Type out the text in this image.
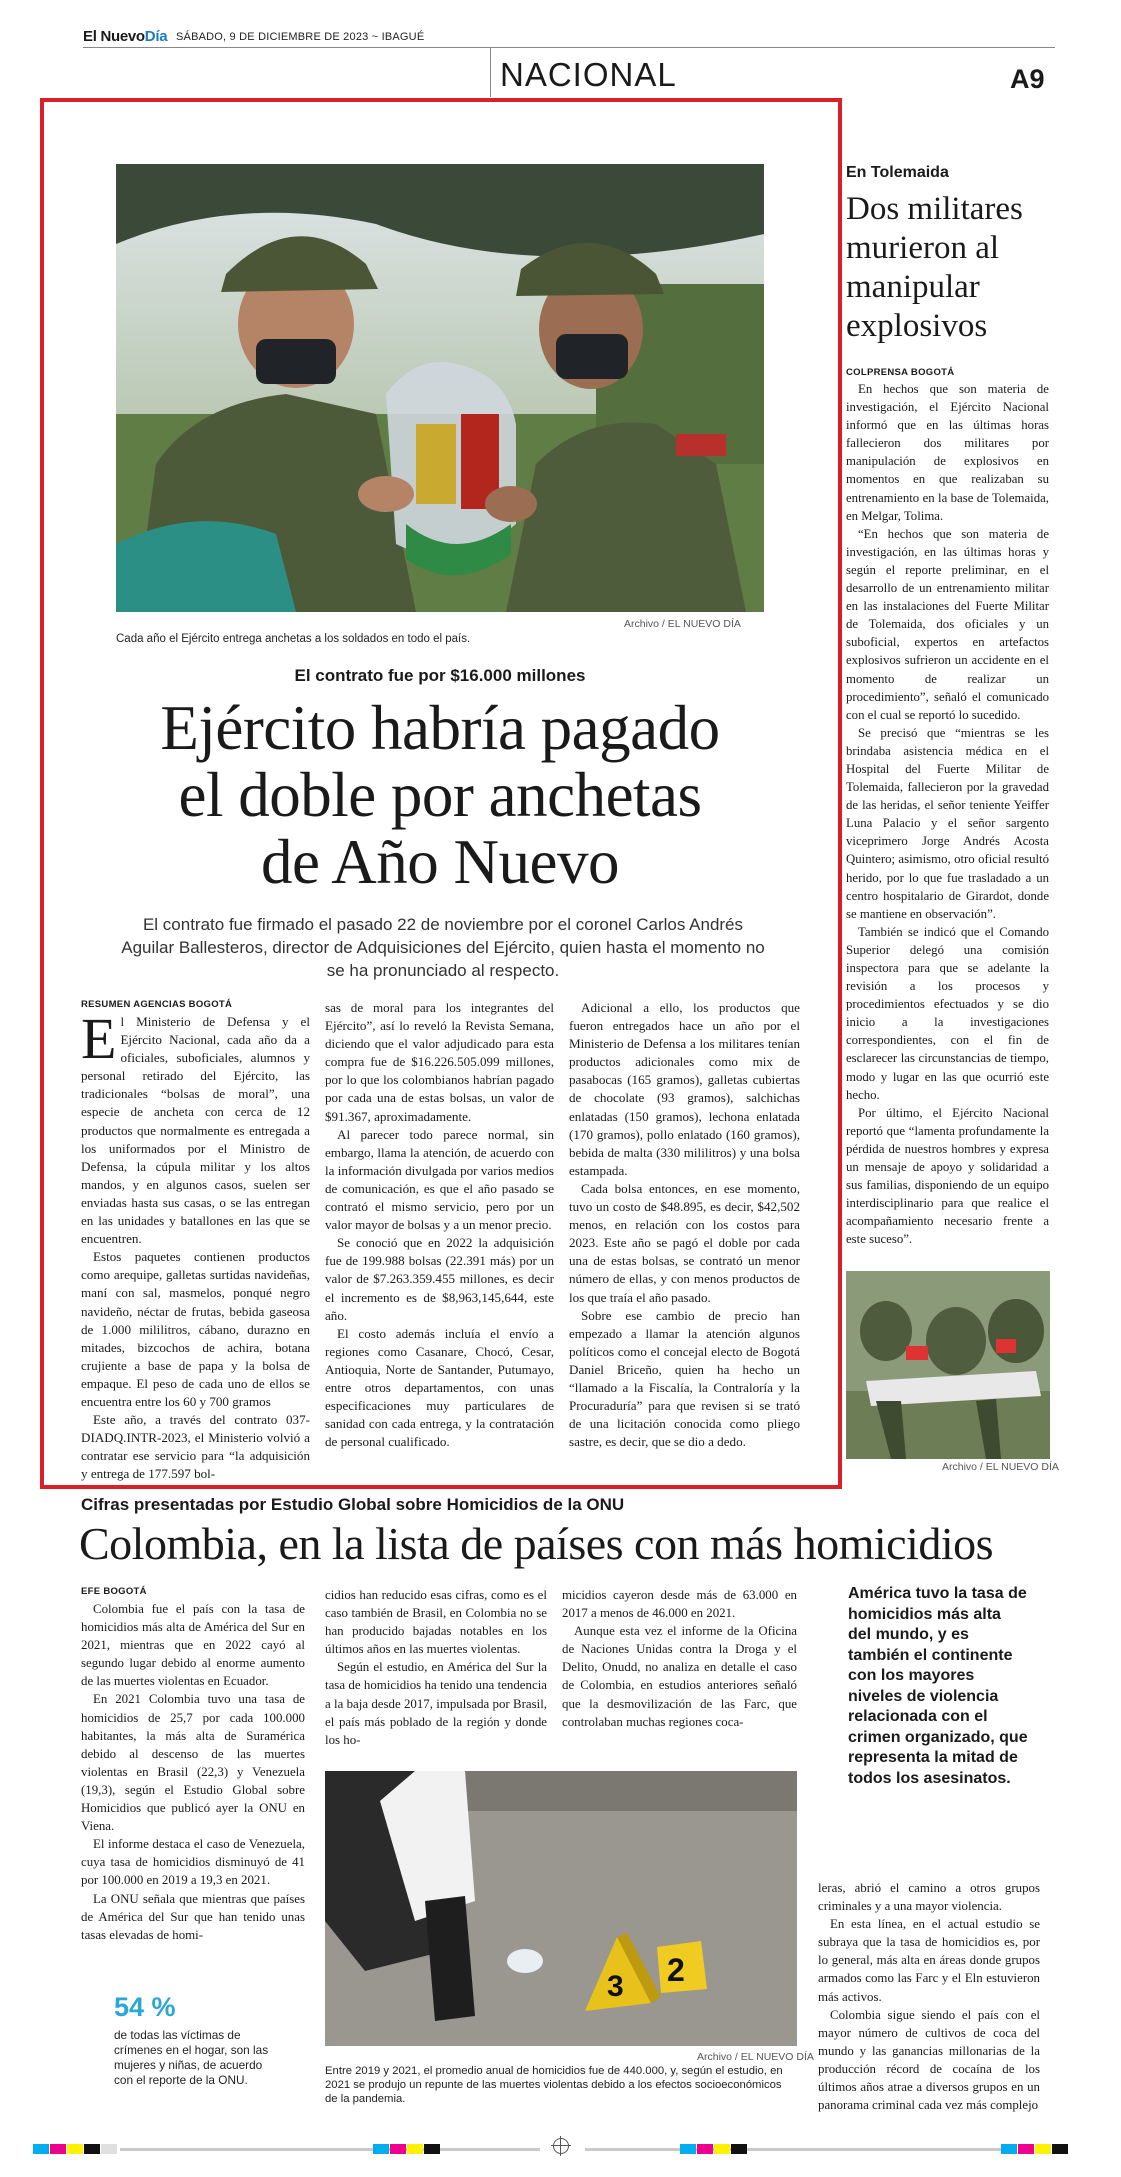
El NuevoDía SÁBADO, 9 DE DICIEMBRE DE 2023 ~ IBAGUÉ
NACIONAL	A9
Archivo / EL NUEVO DÍA
Cada año el Ejército entrega anchetas a los soldados en todo el país.
El contrato fue por $16.000 millones
Ejército habría pagado
el doble por anchetas
de Año Nuevo
El contrato fue firmado el pasado 22 de noviembre por el coronel Carlos Andrés Aguilar Ballesteros, director de Adquisiciones del Ejército, quien hasta el momento no se ha pronunciado al respecto.
RESUMEN AGENCIAS BOGOTÁ
E l Ministerio de Defensa y el Ejército Nacional, cada año da a oficiales, suboficiales, alumnos y personal retirado del Ejército, las tradicionales “bolsas de moral”, una especie de ancheta con cerca de 12 productos que normalmente es entregada a los uniformados por el Ministro de Defensa, la cúpula militar y los altos mandos, y en algunos casos, suelen ser enviadas hasta sus casas, o se las entregan en las unidades y batallones en las que se encuentren.

Estos paquetes contienen productos como arequipe, galletas surtidas navideñas, maní con sal, masmelos, ponqué negro navideño, néctar de frutas, bebida gaseosa de 1.000 mililitros, cábano, durazno en mitades, bizcochos de achira, botana crujiente a base de papa y la bolsa de empaque. El peso de cada uno de ellos se encuentra entre los 60 y 700 gramos

Este año, a través del contrato 037-DIADQ.INTR-2023, el Ministerio volvió a contratar ese servicio para “la adquisición y entrega de 177.597 bol-

sas de moral para los integrantes del Ejército”, así lo reveló la Revista Semana, diciendo que el valor adjudicado para esta compra fue de $16.226.505.099 millones, por lo que los colombianos habrían pagado por cada una de estas bolsas, un valor de $91.367, aproximadamente.

Al parecer todo parece normal, sin embargo, llama la atención, de acuerdo con la información divulgada por varios medios de comunicación, es que el año pasado se contrató el mismo servicio, pero por un valor mayor de bolsas y a un menor precio.

Se conoció que en 2022 la adquisición fue de 199.988 bolsas (22.391 más) por un valor de $7.263.359.455 millones, es decir el incremento es de $8,963,145,644, este año.

El costo además incluía el envío a regiones como Casanare, Chocó, Cesar, Antioquia, Norte de Santander, Putumayo, entre otros departamentos, con unas especificaciones muy particulares de sanidad con cada entrega, y la contratación de personal cualificado.

Adicional a ello, los productos que fueron entregados hace un año por el Ministerio de Defensa a los militares tenían productos adicionales como mix de pasabocas (165 gramos), galletas cubiertas de chocolate (93 gramos), salchichas enlatadas (150 gramos), lechona enlatada (170 gramos), pollo enlatado (160 gramos), bebida de malta (330 mililitros) y una bolsa estampada.

Cada bolsa entonces, en ese momento, tuvo un costo de $48.895, es decir, $42,502 menos, en relación con los costos para 2023. Este año se pagó el doble por cada una de estas bolsas, se contrató un menor número de ellas, y con menos productos de los que traía el año pasado.

Sobre ese cambio de precio han empezado a llamar la atención algunos políticos como el concejal electo de Bogotá Daniel Briceño, quien ha hecho un “llamado a la Fiscalía, la Contraloría y la Procuraduría” para que revisen si se trató de una licitación conocida como pliego sastre, es decir, que se dio a dedo.

En Tolemaida
Dos militares murieron al manipular explosivos
COLPRENSA BOGOTÁ

En hechos que son materia de investigación, el Ejército Nacional informó que en las últimas horas fallecieron dos militares por manipulación de explosivos en momentos en que realizaban su entrenamiento en la base de Tolemaida, en Melgar, Tolima.

“En hechos que son materia de investigación, en las últimas horas y según el reporte preliminar, en el desarrollo de un entrenamiento militar en las instalaciones del Fuerte Militar de Tolemaida, dos oficiales y un suboficial, expertos en artefactos explosivos sufrieron un accidente en el momento de realizar un procedimiento”, señaló el comunicado con el cual se reportó lo sucedido.

Se precisó que “mientras se les brindaba asistencia médica en el Hospital del Fuerte Militar de Tolemaida, fallecieron por la gravedad de las heridas, el señor teniente Yeiffer Luna Palacio y el señor sargento viceprimero Jorge Andrés Acosta Quintero; asimismo, otro oficial resultó herido, por lo que fue trasladado a un centro hospitalario de Girardot, donde se mantiene en observación”.

También se indicó que el Comando Superior delegó una comisión inspectora para que se adelante la revisión a los procesos y procedimientos efectuados y se dio inicio a la investigaciones correspondientes, con el fin de esclarecer las circunstancias de tiempo, modo y lugar en las que ocurrió este hecho.

Por último, el Ejército Nacional reportó que “lamenta profundamente la pérdida de nuestros hombres y expresa un mensaje de apoyo y solidaridad a sus familias, disponiendo de un equipo interdisciplinario para que realice el acompañamiento necesario frente a este suceso”.

Archivo / EL NUEVO DÍA
Cifras presentadas por Estudio Global sobre Homicidios de la ONU
Colombia, en la lista de países con más homicidios
EFE BOGOTÁ

Colombia fue el país con la tasa de homicidios más alta de América del Sur en 2021, mientras que en 2022 cayó al segundo lugar debido al enorme aumento de las muertes violentas en Ecuador.

En 2021 Colombia tuvo una tasa de homicidios de 25,7 por cada 100.000 habitantes, la más alta de Suramérica debido al descenso de las muertes violentas en Brasil (22,3) y Venezuela (19,3), según el Estudio Global sobre Homicidios que publicó ayer la ONU en Viena.

El informe destaca el caso de Venezuela, cuya tasa de homicidios disminuyó de 41 por 100.000 en 2019 a 19,3 en 2021.

La ONU señala que mientras que países de América del Sur que han tenido unas tasas elevadas de homi-

cidios han reducido esas cifras, como es el caso también de Brasil, en Colombia no se han producido bajadas notables en los últimos años en las muertes violentas.

Según el estudio, en América del Sur la tasa de homicidios ha tenido una tendencia a la baja desde 2017, impulsada por Brasil, el país más poblado de la región y donde los ho-

micidios cayeron desde más de 63.000 en 2017 a menos de 46.000 en 2021.

Aunque esta vez el informe de la Oficina de Naciones Unidas contra la Droga y el Delito, Onudd, no analiza en detalle el caso de Colombia, en estudios anteriores señaló que la desmovilización de las Farc, que controlaban muchas regiones coca-

América tuvo la tasa de homicidios más alta del mundo, y es también el continente con los mayores niveles de violencia relacionada con el crimen organizado, que representa la mitad de todos los asesinatos.
3 2
Archivo / EL NUEVO DÍA
Entre 2019 y 2021, el promedio anual de homicidios fue de 440.000, y, según el estudio, en 2021 se produjo un repunte de las muertes violentas debido a los efectos socioeconómicos de la pandemia.

leras, abrió el camino a otros grupos criminales y a una mayor violencia.

En esta línea, en el actual estudio se subraya que la tasa de homicidios es, por lo general, más alta en áreas donde grupos armados como las Farc y el Eln estuvieron más activos.

Colombia sigue siendo el país con el mayor número de cultivos de coca del mundo y las ganancias millonarias de la producción récord de cocaína de los últimos años atrae a diversos grupos en un panorama criminal cada vez más complejo

54 %
de todas las víctimas de crímenes en el hogar, son las mujeres y niñas, de acuerdo con el reporte de la ONU.
